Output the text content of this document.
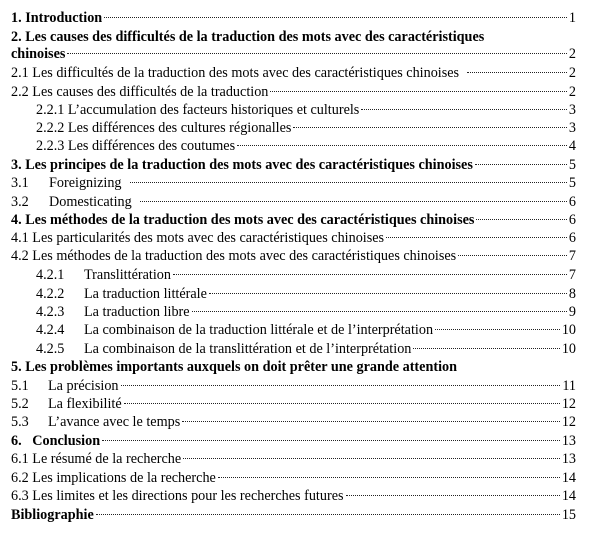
1. Introduction	1
2. Les causes des difficultés de la traduction des mots avec des caractéristiques
chinoises	2
2.1 Les difficultés de la traduction des mots avec des caractéristiques chinoises	2
2.2 Les causes des difficultés de la traduction	2
2.2.1 L’accumulation des facteurs historiques et culturels	3
2.2.2 Les différences des cultures régionalles	3
2.2.3 Les différences des coutumes	4
3. Les principes de la traduction des mots avec des caractéristiques chinoises	5
3.1	Foreignizing	5
3.2	Domesticating	6
4. Les méthodes de la traduction des mots avec des caractéristiques chinoises	6
4.1 Les particularités des mots avec des caractéristiques chinoises	6
4.2 Les méthodes de la traduction des mots avec des caractéristiques chinoises	7
4.2.1	Translittération	7
4.2.2	La traduction littérale	8
4.2.3	La traduction libre	9
4.2.4	La combinaison de la traduction littérale et de l’interprétation	10
4.2.5	La combinaison de la translittération et de l’interprétation	10
5. Les problèmes importants auxquels on doit prêter une grande attention
5.1	La précision	11
5.2	La flexibilité	12
5.3	L’avance avec le temps	12
6.   Conclusion	13
6.1 Le résumé de la recherche	13
6.2 Les implications de la recherche	14
6.3 Les limites et les directions pour les recherches futures	14
Bibliographie	15
